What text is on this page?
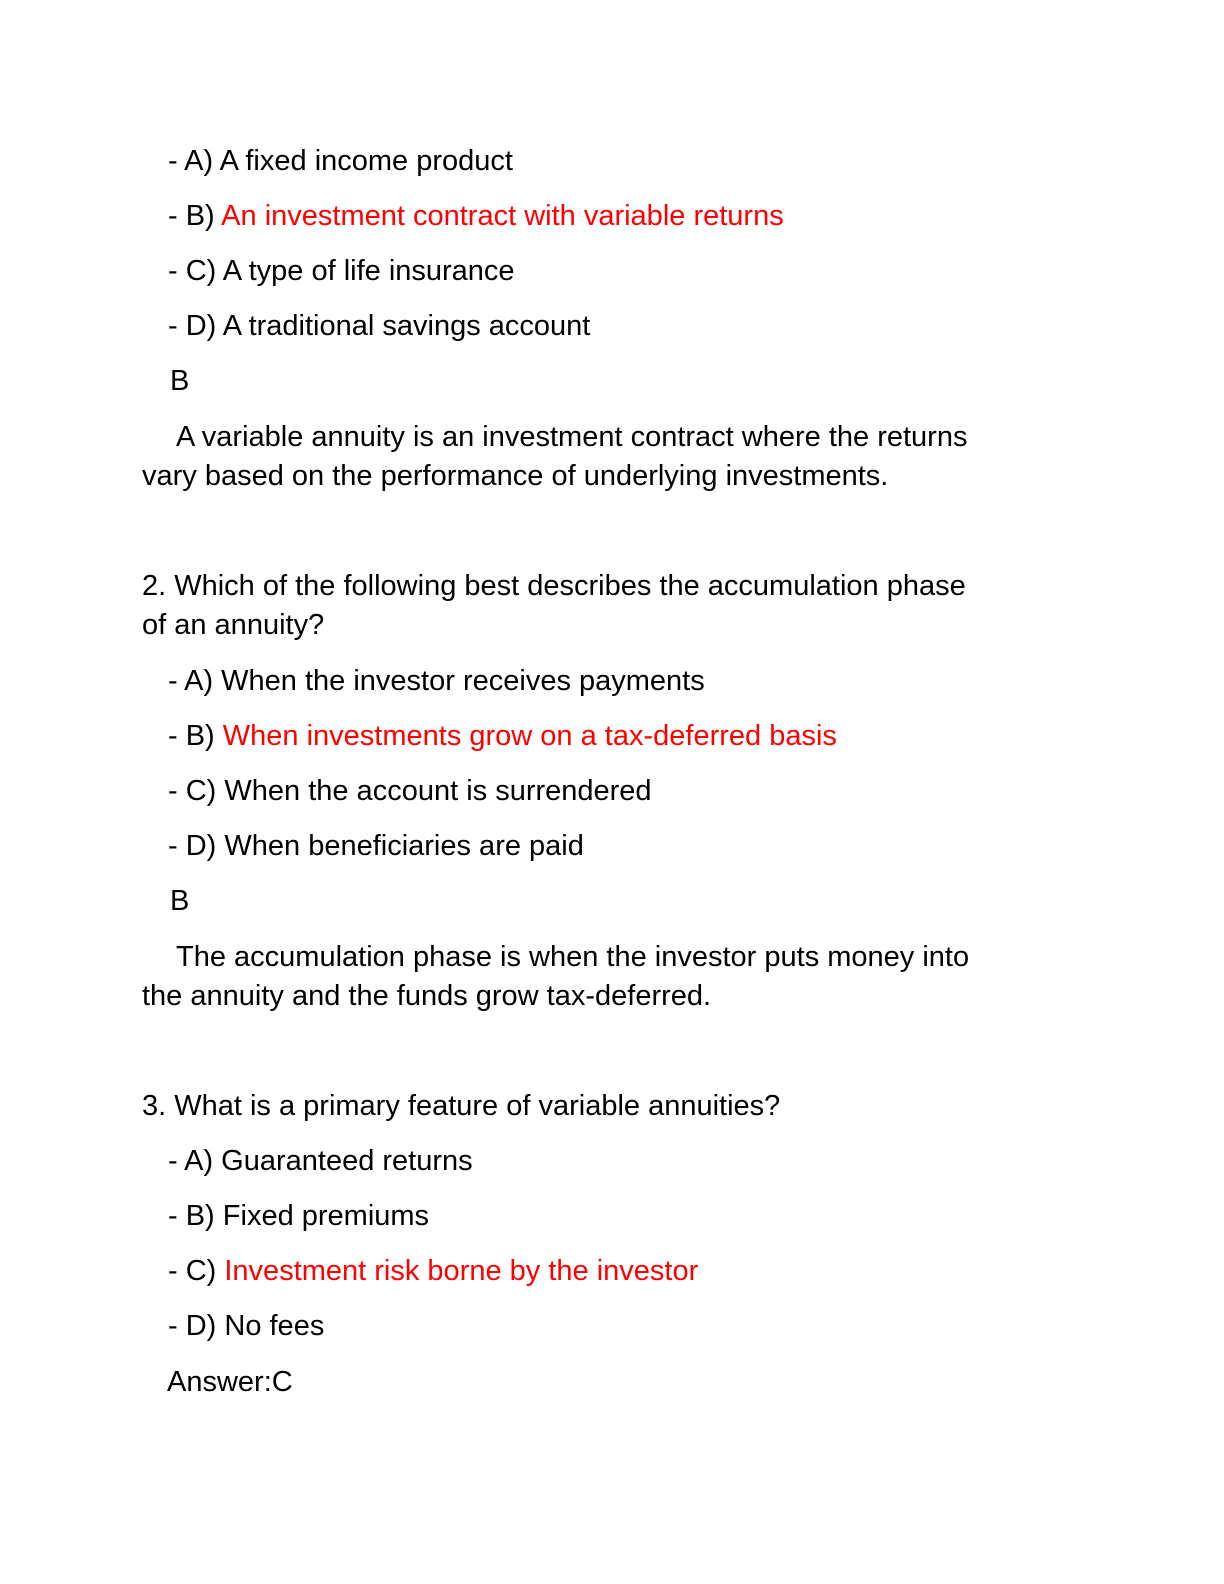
- A) A fixed income product
- B) An investment contract with variable returns
- C) A type of life insurance
- D) A traditional savings account
B
A variable annuity is an investment contract where the returns
vary based on the performance of underlying investments.
2. Which of the following best describes the accumulation phase
of an annuity?
- A) When the investor receives payments
- B) When investments grow on a tax-deferred basis
- C) When the account is surrendered
- D) When beneficiaries are paid
B
The accumulation phase is when the investor puts money into
the annuity and the funds grow tax-deferred.
3. What is a primary feature of variable annuities?
- A) Guaranteed returns
- B) Fixed premiums
- C) Investment risk borne by the investor
- D) No fees
Answer:C
